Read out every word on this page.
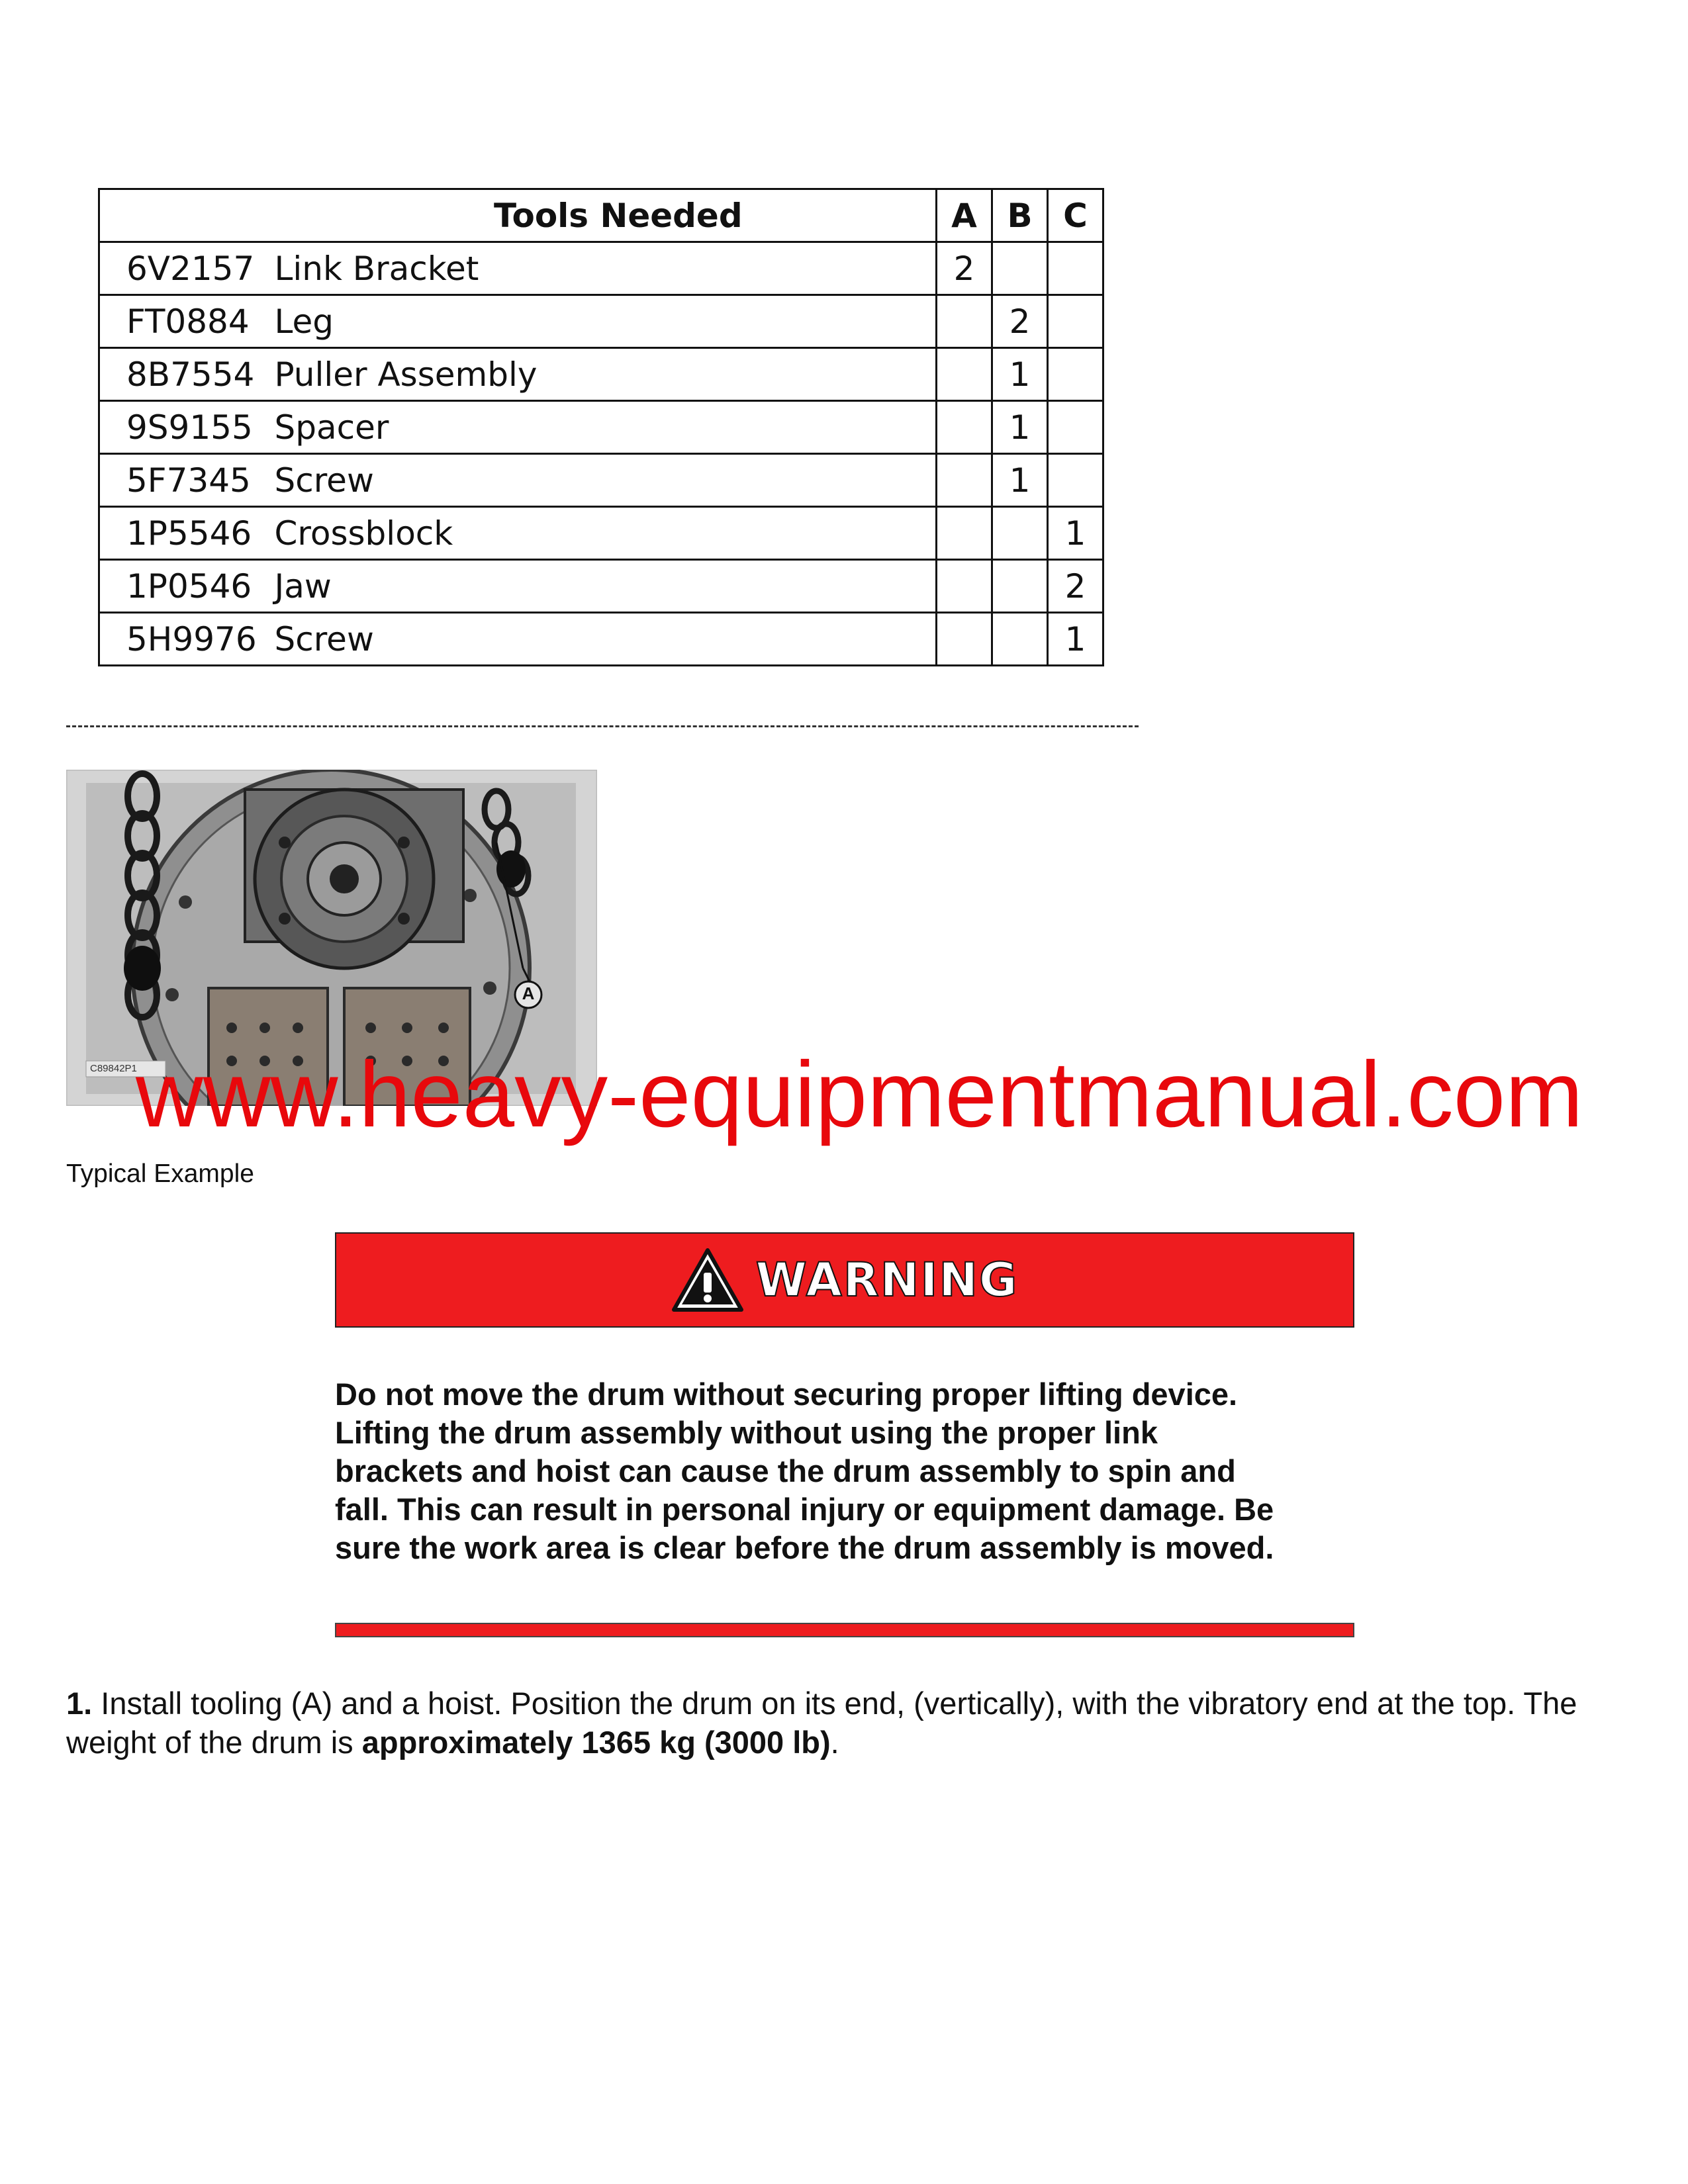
Tools Needed		A	B	C
6V2157	Link Bracket	2		
FT0884	Leg		2	
8B7554	Puller Assembly		1	
9S9155	Spacer		1	
5F7345	Screw		1	
1P5546	Crossblock			1
1P0546	Jaw			2
5H9976	Screw			1
A
C89842P1
www.heavy-equipmentmanual.com
Typical Example
WARNING
Do not move the drum without securing proper lifting device.
Lifting the drum assembly without using the proper link
brackets and hoist can cause the drum assembly to spin and
fall. This can result in personal injury or equipment damage. Be
sure the work area is clear before the drum assembly is moved.
1. Install tooling (A) and a hoist. Position the drum on its end, (vertically), with the vibratory end at the top. The weight of the drum is approximately 1365 kg (3000 lb).
